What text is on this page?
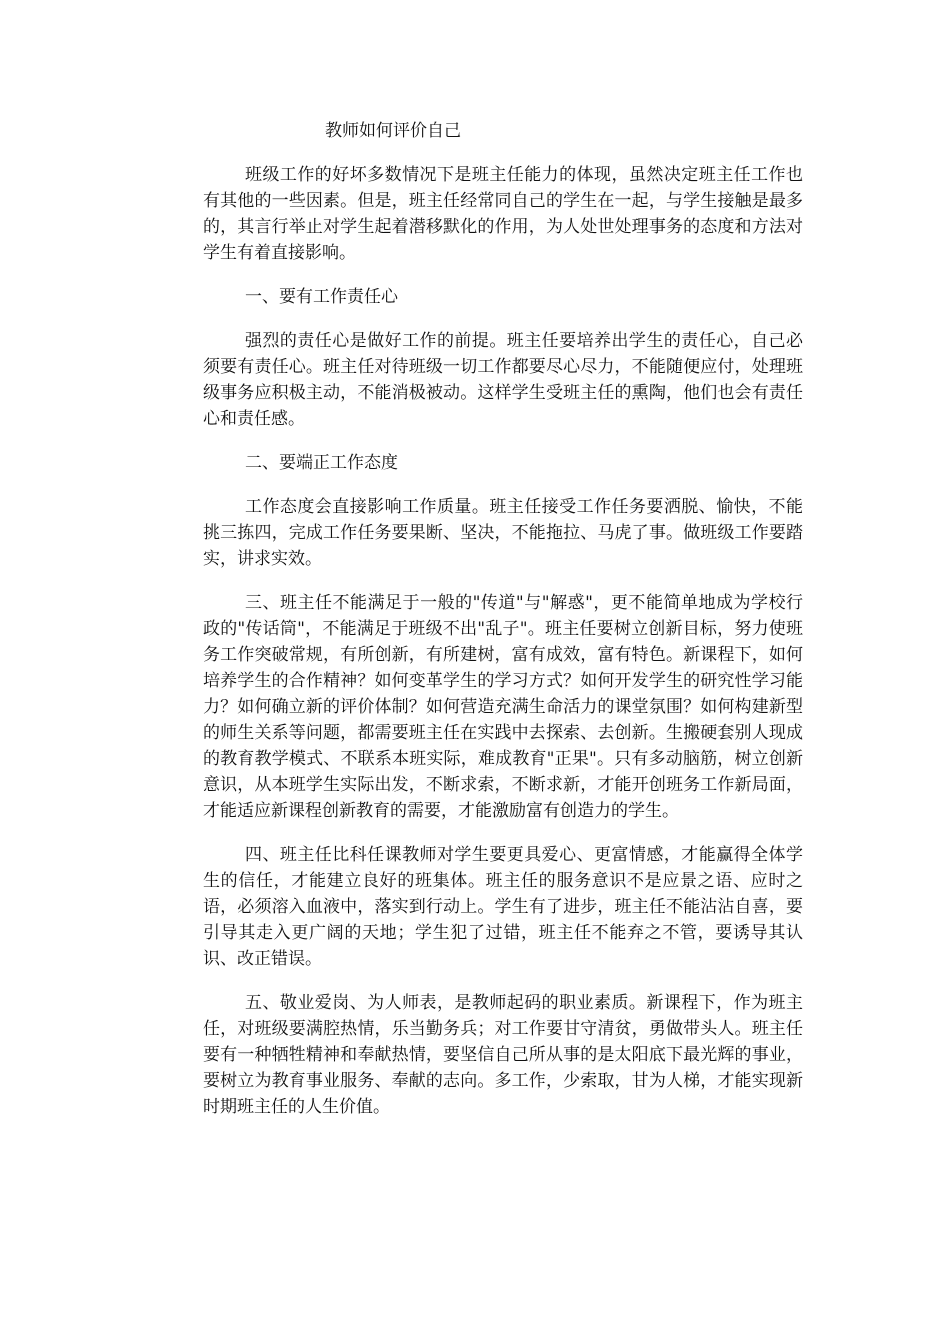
教师如何评价自己

班级工作的好坏多数情况下是班主任能力的体现，虽然决定班主任工作也有其他的一些因素。但是，班主任经常同自己的学生在一起，与学生接触是最多的，其言行举止对学生起着潜移默化的作用，为人处世处理事务的态度和方法对学生有着直接影响。

一、要有工作责任心

强烈的责任心是做好工作的前提。班主任要培养出学生的责任心，自己必须要有责任心。班主任对待班级一切工作都要尽心尽力，不能随便应付，处理班级事务应积极主动，不能消极被动。这样学生受班主任的熏陶，他们也会有责任心和责任感。

二、要端正工作态度

工作态度会直接影响工作质量。班主任接受工作任务要洒脱、愉快，不能挑三拣四，完成工作任务要果断、坚决，不能拖拉、马虎了事。做班级工作要踏实，讲求实效。

三、班主任不能满足于一般的"传道"与"解惑"，更不能简单地成为学校行政的"传话筒"，不能满足于班级不出"乱子"。班主任要树立创新目标，努力使班务工作突破常规，有所创新，有所建树，富有成效，富有特色。新课程下，如何培养学生的合作精神？如何变革学生的学习方式？如何开发学生的研究性学习能力？如何确立新的评价体制？如何营造充满生命活力的课堂氛围？如何构建新型的师生关系等问题，都需要班主任在实践中去探索、去创新。生搬硬套别人现成的教育教学模式、不联系本班实际，难成教育"正果"。只有多动脑筋，树立创新意识，从本班学生实际出发，不断求索，不断求新，才能开创班务工作新局面，才能适应新课程创新教育的需要，才能激励富有创造力的学生。

四、班主任比科任课教师对学生要更具爱心、更富情感，才能赢得全体学生的信任，才能建立良好的班集体。班主任的服务意识不是应景之语、应时之语，必须溶入血液中，落实到行动上。学生有了进步，班主任不能沾沾自喜，要引导其走入更广阔的天地；学生犯了过错，班主任不能弃之不管，要诱导其认识、改正错误。

五、敬业爱岗、为人师表，是教师起码的职业素质。新课程下，作为班主任，对班级要满腔热情，乐当勤务兵；对工作要甘守清贫，勇做带头人。班主任要有一种牺牲精神和奉献热情，要坚信自己所从事的是太阳底下最光辉的事业，要树立为教育事业服务、奉献的志向。多工作，少索取，甘为人梯，才能实现新时期班主任的人生价值。
